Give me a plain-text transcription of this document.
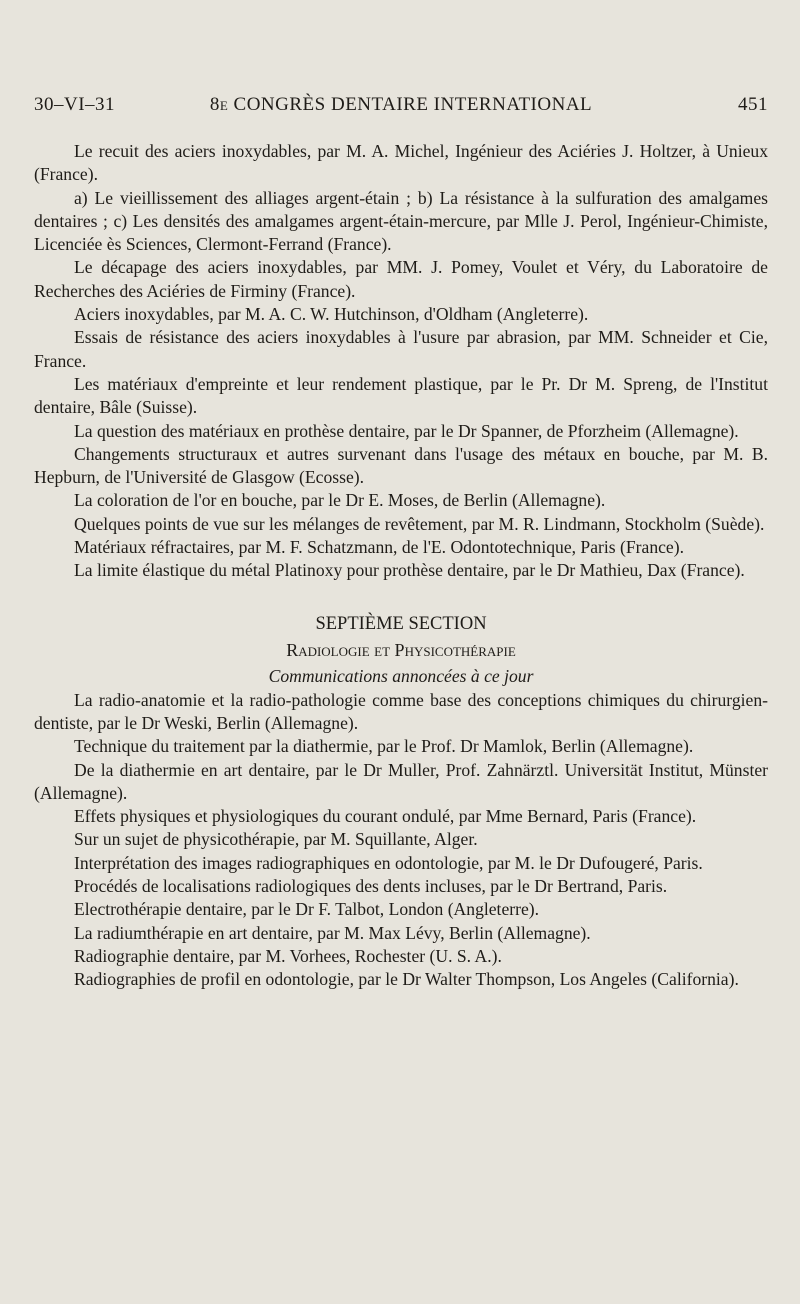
30–VI–31	8e CONGRÈS DENTAIRE INTERNATIONAL	451

Le recuit des aciers inoxydables, par M. A. Michel, Ingénieur des Aciéries J. Holtzer, à Unieux (France).

a) Le vieillissement des alliages argent-étain ; b) La résistance à la sulfuration des amalgames dentaires ; c) Les densités des amalgames argent-étain-mercure, par Mlle J. Perol, Ingénieur-Chimiste, Licenciée ès Sciences, Clermont-Ferrand (France).

Le décapage des aciers inoxydables, par MM. J. Pomey, Voulet et Véry, du Laboratoire de Recherches des Aciéries de Firminy (France).

Aciers inoxydables, par M. A. C. W. Hutchinson, d'Oldham (Angleterre).

Essais de résistance des aciers inoxydables à l'usure par abrasion, par MM. Schneider et Cie, France.

Les matériaux d'empreinte et leur rendement plastique, par le Pr. Dr M. Spreng, de l'Institut dentaire, Bâle (Suisse).

La question des matériaux en prothèse dentaire, par le Dr Spanner, de Pforzheim (Allemagne).

Changements structuraux et autres survenant dans l'usage des métaux en bouche, par M. B. Hepburn, de l'Université de Glasgow (Ecosse).

La coloration de l'or en bouche, par le Dr E. Moses, de Berlin (Allemagne).

Quelques points de vue sur les mélanges de revêtement, par M. R. Lindmann, Stockholm (Suède).

Matériaux réfractaires, par M. F. Schatzmann, de l'E. Odontotechnique, Paris (France).

La limite élastique du métal Platinoxy pour prothèse dentaire, par le Dr Mathieu, Dax (France).

SEPTIÈME SECTION

Radiologie et Physicothérapie

Communications annoncées à ce jour

La radio-anatomie et la radio-pathologie comme base des conceptions chimiques du chirurgien-dentiste, par le Dr Weski, Berlin (Allemagne).

Technique du traitement par la diathermie, par le Prof. Dr Mamlok, Berlin (Allemagne).

De la diathermie en art dentaire, par le Dr Muller, Prof. Zahnärztl. Universität Institut, Münster (Allemagne).

Effets physiques et physiologiques du courant ondulé, par Mme Bernard, Paris (France).

Sur un sujet de physicothérapie, par M. Squillante, Alger.

Interprétation des images radiographiques en odontologie, par M. le Dr Dufougeré, Paris.

Procédés de localisations radiologiques des dents incluses, par le Dr Bertrand, Paris.

Electrothérapie dentaire, par le Dr F. Talbot, London (Angleterre).

La radiumthérapie en art dentaire, par M. Max Lévy, Berlin (Allemagne).

Radiographie dentaire, par M. Vorhees, Rochester (U. S. A.).

Radiographies de profil en odontologie, par le Dr Walter Thompson, Los Angeles (California).
